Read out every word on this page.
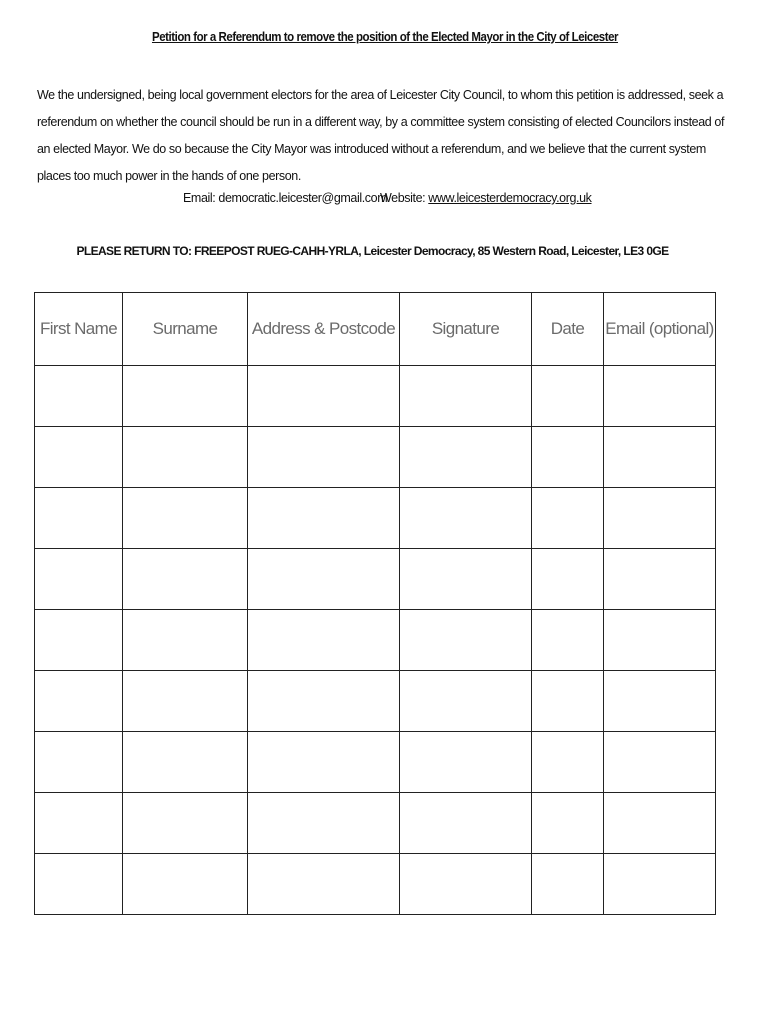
Petition for a Referendum to remove the position of the Elected Mayor in the City of Leicester
We the undersigned, being local government electors for the area of Leicester City Council, to whom this petition is addressed, seek a referendum on whether the council should be run in a different way, by a committee system consisting of elected Councilors instead of an elected Mayor. We do so because the City Mayor was introduced without a referendum, and we believe that the current system places too much power in the hands of one person.
Email: democratic.leicester@gmail.com
Website: www.leicesterdemocracy.org.uk
PLEASE RETURN TO: FREEPOST RUEG-CAHH-YRLA, Leicester Democracy, 85 Western Road, Leicester, LE3 0GE
First Name	Surname	Address & Postcode	Signature	Date	Email (optional)
